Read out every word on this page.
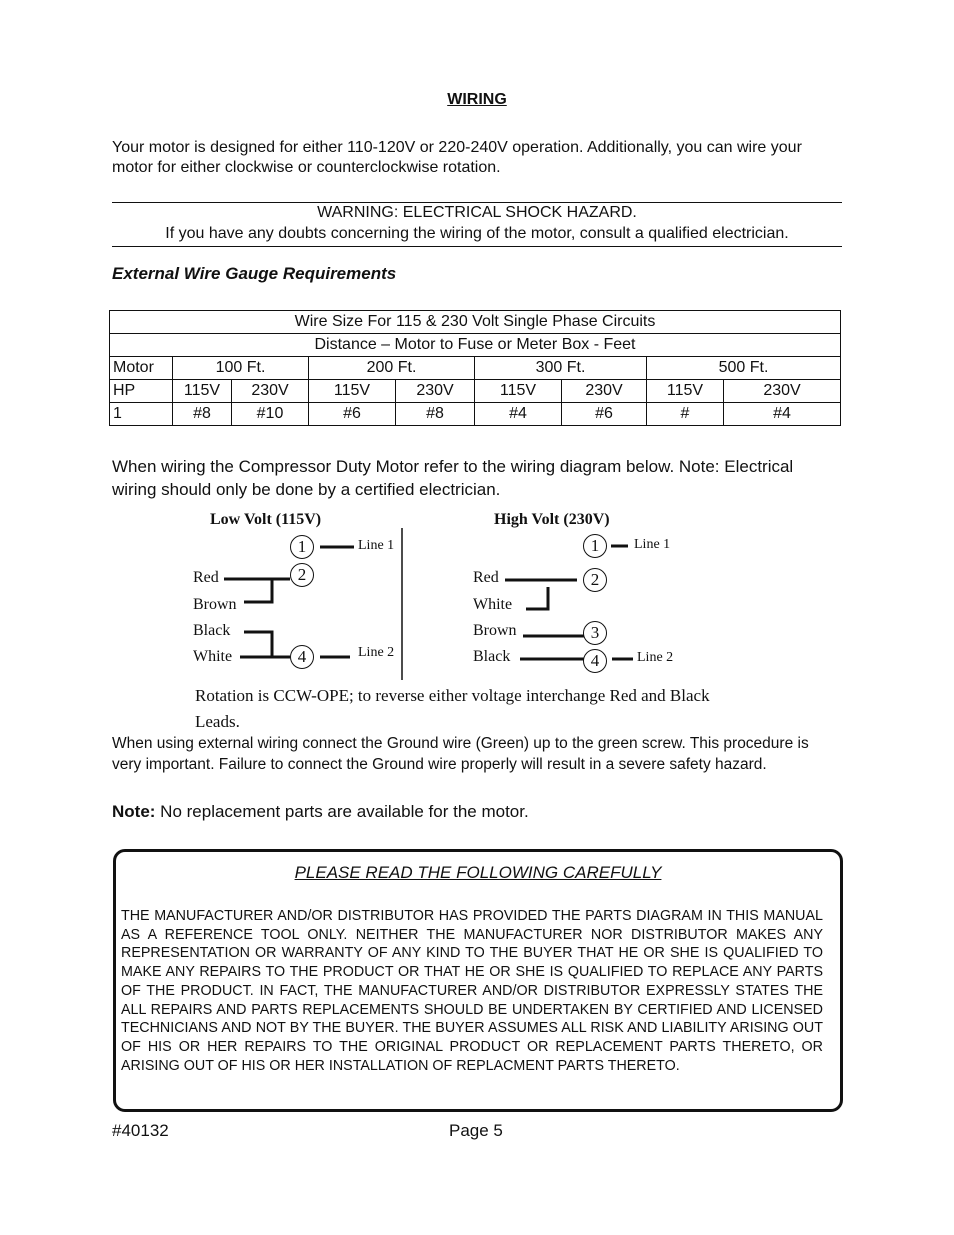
WIRING
Your motor is designed for either 110-120V or 220-240V operation. Additionally, you can wire your motor for either clockwise or counterclockwise rotation.
WARNING: ELECTRICAL SHOCK HAZARD.
If you have any doubts concerning the wiring of the motor, consult a qualified electrician.
External Wire Gauge Requirements
Wire Size For 115 & 230 Volt Single Phase Circuits								
Distance – Motor to Fuse or Meter Box - Feet								
Motor	100 Ft.		200 Ft.		300 Ft.		500 Ft.	
HP	115V	230V	115V	230V	115V	230V	115V	230V
1	#8	#10	#6	#8	#4	#6	#	#4
When wiring the Compressor Duty Motor refer to the wiring diagram below. Note: Electrical wiring should only be done by a certified electrician.
Low Volt (115V)
1
2
4
Line 1
Line 2
Red
Brown
Black
White
High Volt (230V)
1
2
3
4
Line 1
Line 2
Red
White
Brown
Black
Rotation is CCW-OPE; to reverse either voltage interchange Red and Black Leads.
When using external wiring connect the Ground wire (Green) up to the green screw. This procedure is very important. Failure to connect the Ground wire properly will result in a severe safety hazard.
Note: No replacement parts are available for the motor.
PLEASE READ THE FOLLOWING CAREFULLY
THE MANUFACTURER AND/OR DISTRIBUTOR HAS PROVIDED THE PARTS DIAGRAM IN THIS MANUAL AS A REFERENCE TOOL ONLY. NEITHER THE MANUFACTURER NOR DISTRIBUTOR MAKES ANY REPRESENTATION OR WARRANTY OF ANY KIND TO THE BUYER THAT HE OR SHE IS QUALIFIED TO MAKE ANY REPAIRS TO THE PRODUCT OR THAT HE OR SHE IS QUALIFIED TO REPLACE ANY PARTS OF THE PRODUCT. IN FACT, THE MANUFACTURER AND/OR DISTRIBUTOR EXPRESSLY STATES THE ALL REPAIRS AND PARTS REPLACEMENTS SHOULD BE UNDERTAKEN BY CERTIFIED AND LICENSED TECHNICIANS AND NOT BY THE BUYER. THE BUYER ASSUMES ALL RISK AND LIABILITY ARISING OUT OF HIS OR HER REPAIRS TO THE ORIGINAL PRODUCT OR REPLACEMENT PARTS THERETO, OR ARISING OUT OF HIS OR HER INSTALLATION OF REPLACMENT PARTS THERETO.
#40132	Page 5
